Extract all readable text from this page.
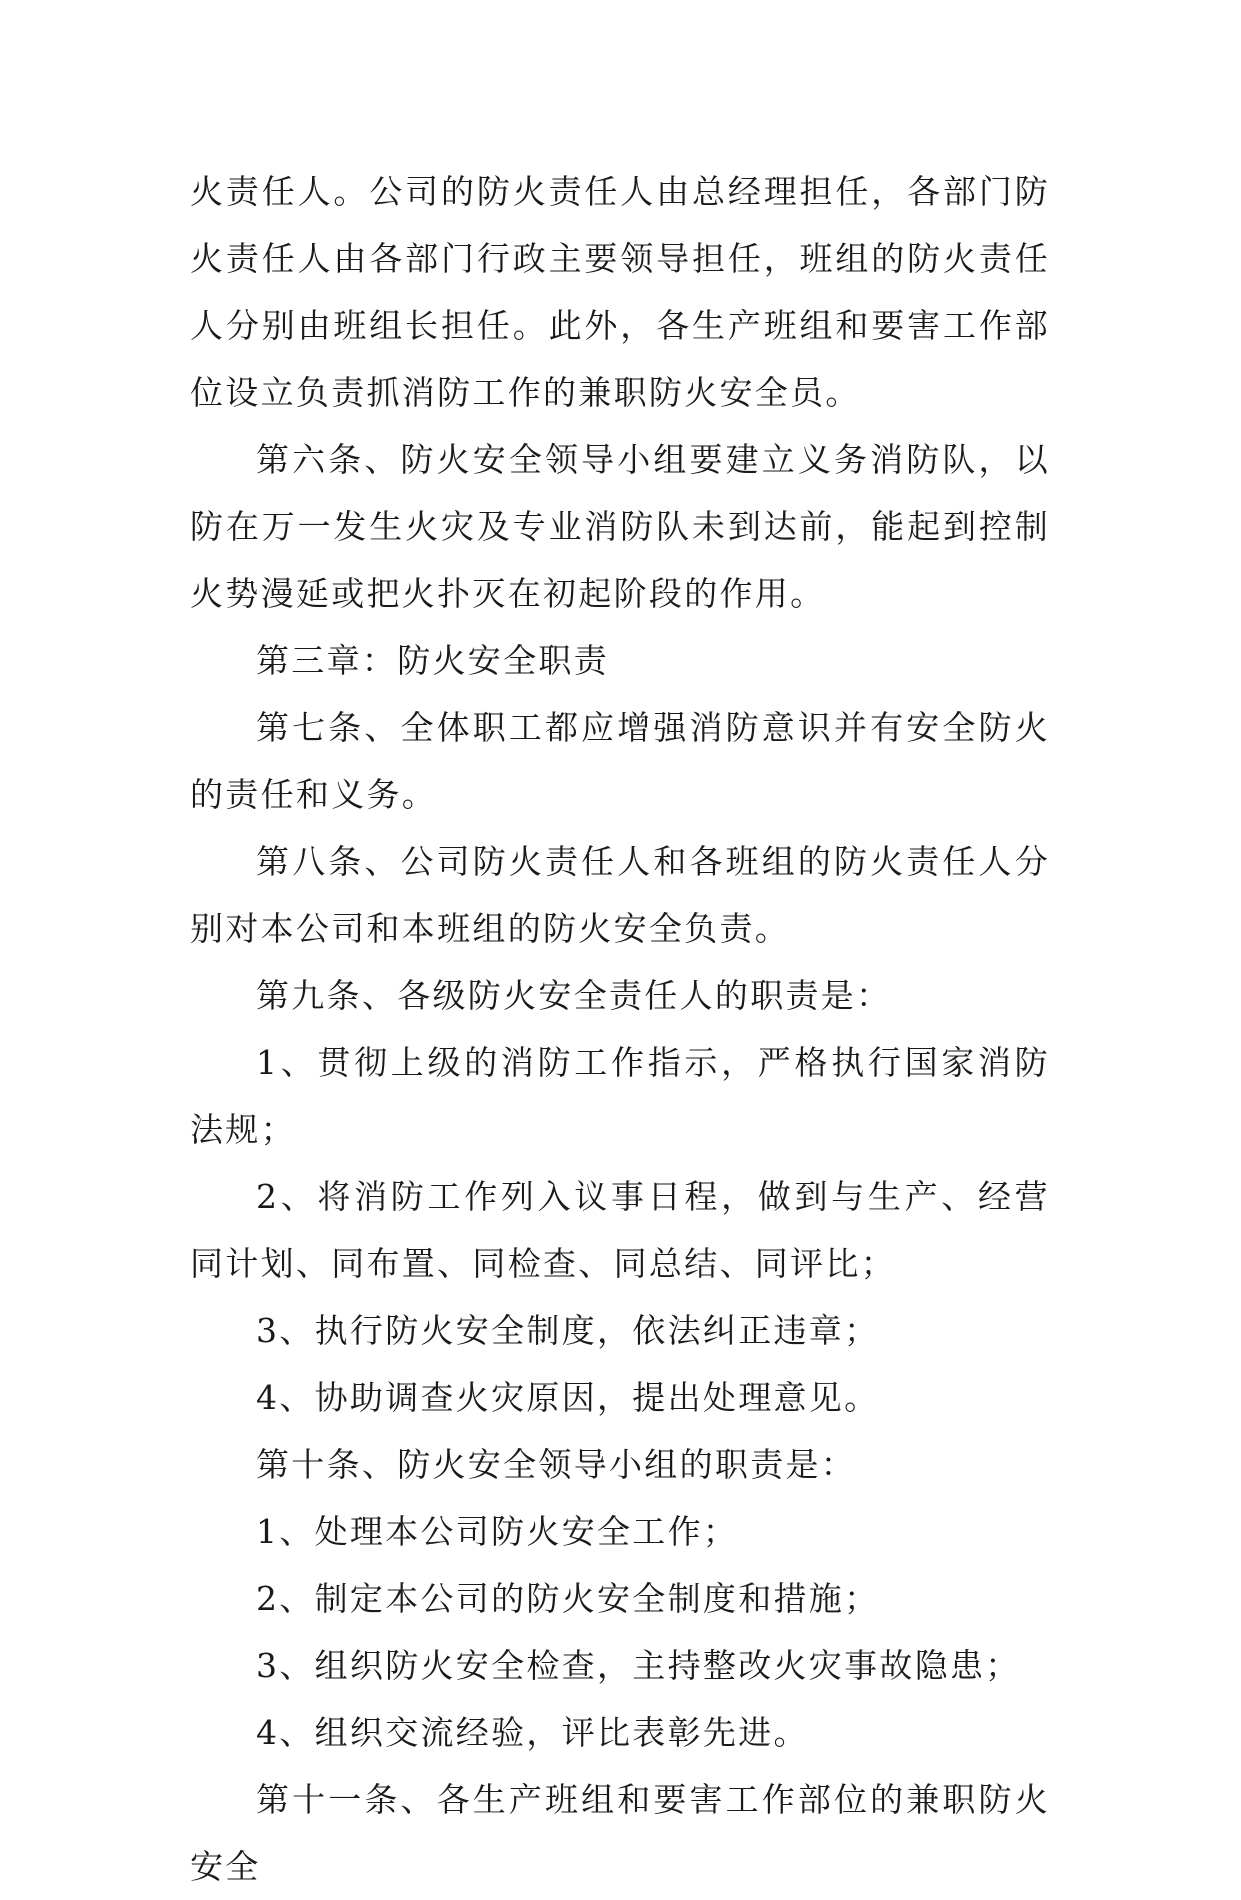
火责任人。公司的防火责任人由总经理担任，各部门防火责任人由各部门行政主要领导担任，班组的防火责任人分别由班组长担任。此外，各生产班组和要害工作部位设立负责抓消防工作的兼职防火安全员。

第六条、防火安全领导小组要建立义务消防队，以防在万一发生火灾及专业消防队未到达前，能起到控制火势漫延或把火扑灭在初起阶段的作用。

第三章：防火安全职责

第七条、全体职工都应增强消防意识并有安全防火的责任和义务。

第八条、公司防火责任人和各班组的防火责任人分别对本公司和本班组的防火安全负责。

第九条、各级防火安全责任人的职责是：

1、贯彻上级的消防工作指示，严格执行国家消防法规；

2、将消防工作列入议事日程，做到与生产、经营同计划、同布置、同检查、同总结、同评比；

3、执行防火安全制度，依法纠正违章；

4、协助调查火灾原因，提出处理意见。

第十条、防火安全领导小组的职责是：

1、处理本公司防火安全工作；

2、制定本公司的防火安全制度和措施；

3、组织防火安全检查，主持整改火灾事故隐患；

4、组织交流经验，评比表彰先进。

第十一条、各生产班组和要害工作部位的兼职防火安全
